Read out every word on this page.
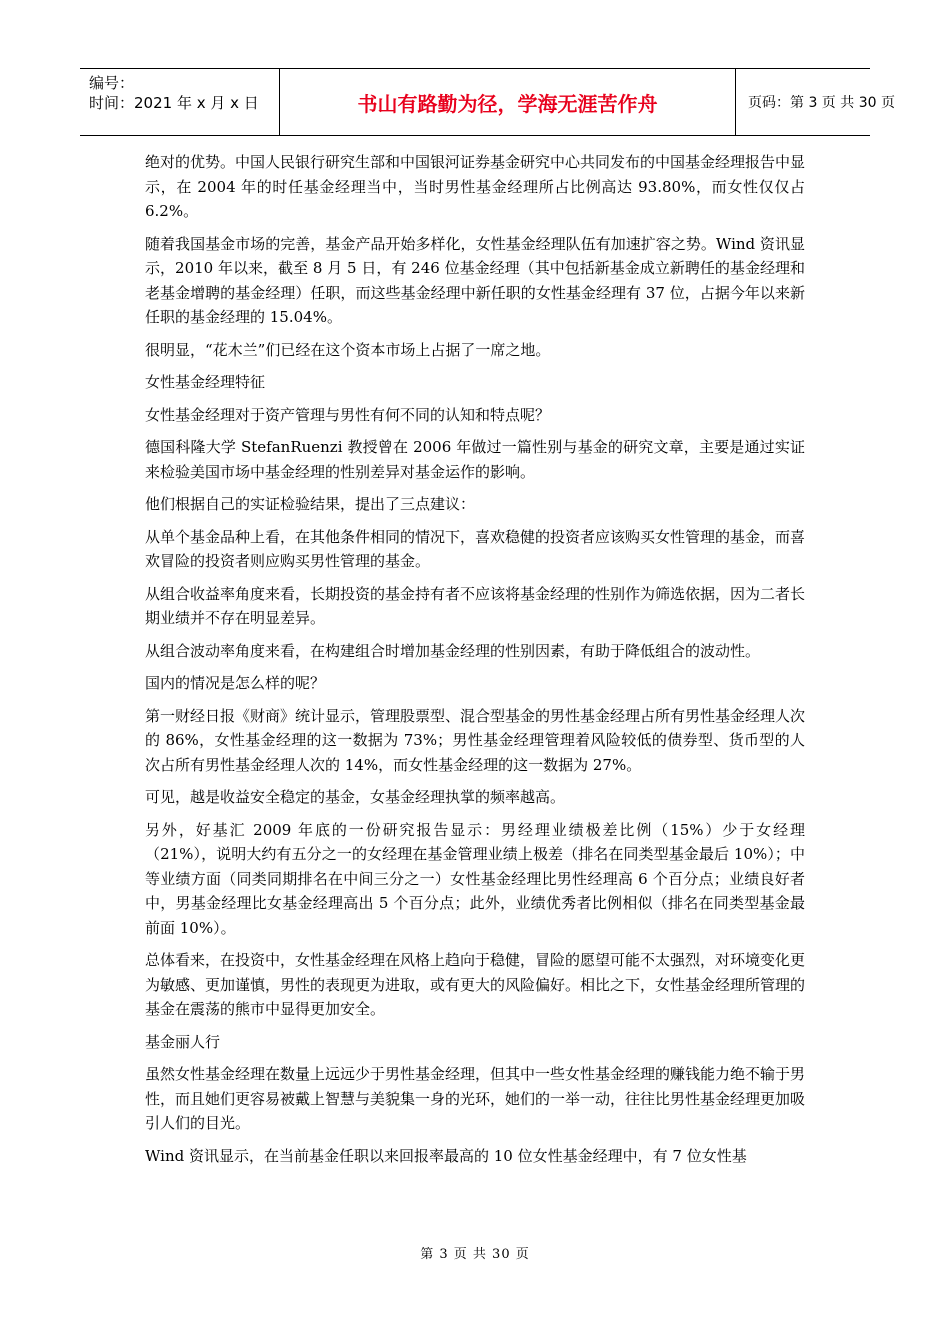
编号：
时间：2021 年 x 月 x 日	书山有路勤为径，学海无涯苦作舟	页码：第 3 页 共 30 页

绝对的优势。中国人民银行研究生部和中国银河证券基金研究中心共同发布的中国基金经理报告中显示，在 2004 年的时任基金经理当中，当时男性基金经理所占比例高达 93.80%，而女性仅仅占 6.2%。

随着我国基金市场的完善，基金产品开始多样化，女性基金经理队伍有加速扩容之势。Wind 资讯显示，2010 年以来，截至 8 月 5 日，有 246 位基金经理（其中包括新基金成立新聘任的基金经理和老基金增聘的基金经理）任职，而这些基金经理中新任职的女性基金经理有 37 位，占据今年以来新任职的基金经理的 15.04%。

很明显，“花木兰”们已经在这个资本市场上占据了一席之地。

女性基金经理特征

女性基金经理对于资产管理与男性有何不同的认知和特点呢？

德国科隆大学 StefanRuenzi 教授曾在 2006 年做过一篇性别与基金的研究文章，主要是通过实证来检验美国市场中基金经理的性别差异对基金运作的影响。

他们根据自己的实证检验结果，提出了三点建议：

从单个基金品种上看，在其他条件相同的情况下，喜欢稳健的投资者应该购买女性管理的基金，而喜欢冒险的投资者则应购买男性管理的基金。

从组合收益率角度来看，长期投资的基金持有者不应该将基金经理的性别作为筛选依据，因为二者长期业绩并不存在明显差异。

从组合波动率角度来看，在构建组合时增加基金经理的性别因素，有助于降低组合的波动性。

国内的情况是怎么样的呢？

第一财经日报《财商》统计显示，管理股票型、混合型基金的男性基金经理占所有男性基金经理人次的 86%，女性基金经理的这一数据为 73%；男性基金经理管理着风险较低的债券型、货币型的人次占所有男性基金经理人次的 14%，而女性基金经理的这一数据为 27%。

可见，越是收益安全稳定的基金，女基金经理执掌的频率越高。

另外，好基汇 2009 年底的一份研究报告显示：男经理业绩极差比例（15%）少于女经理（21%），说明大约有五分之一的女经理在基金管理业绩上极差（排名在同类型基金最后 10%）；中等业绩方面（同类同期排名在中间三分之一）女性基金经理比男性经理高 6 个百分点；业绩良好者中，男基金经理比女基金经理高出 5 个百分点；此外，业绩优秀者比例相似（排名在同类型基金最前面 10%）。

总体看来，在投资中，女性基金经理在风格上趋向于稳健，冒险的愿望可能不太强烈，对环境变化更为敏感、更加谨慎，男性的表现更为进取，或有更大的风险偏好。相比之下，女性基金经理所管理的基金在震荡的熊市中显得更加安全。

基金丽人行

虽然女性基金经理在数量上远远少于男性基金经理，但其中一些女性基金经理的赚钱能力绝不输于男性，而且她们更容易被戴上智慧与美貌集一身的光环，她们的一举一动，往往比男性基金经理更加吸引人们的目光。

Wind 资讯显示，在当前基金任职以来回报率最高的 10 位女性基金经理中，有 7 位女性基

第 3 页 共 30 页
